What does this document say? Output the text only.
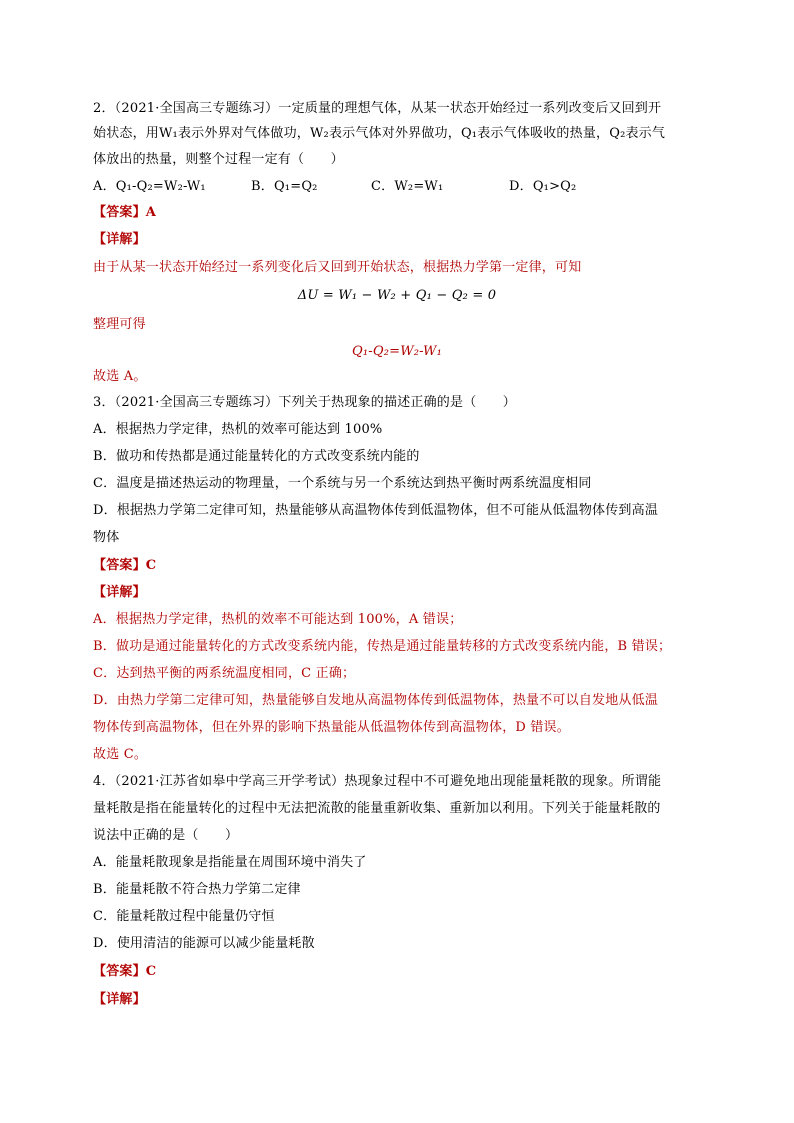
2．（2021·全国高三专题练习）一定质量的理想气体，从某一状态开始经过一系列改变后又回到开
始状态，用W₁表示外界对气体做功，W₂表示气体对外界做功，Q₁表示气体吸收的热量，Q₂表示气
体放出的热量，则整个过程一定有（　　）
A．Q₁-Q₂=W₂-W₁	B．Q₁=Q₂	C．W₂=W₁	D．Q₁>Q₂
【答案】A
【详解】
由于从某一状态开始经过一系列变化后又回到开始状态，根据热力学第一定律，可知
ΔU = W₁ − W₂ + Q₁ − Q₂ = 0
整理可得
Q₁-Q₂=W₂-W₁
故选 A。
3．（2021·全国高三专题练习）下列关于热现象的描述正确的是（　　）
A．根据热力学定律，热机的效率可能达到 100%
B．做功和传热都是通过能量转化的方式改变系统内能的
C．温度是描述热运动的物理量，一个系统与另一个系统达到热平衡时两系统温度相同
D．根据热力学第二定律可知，热量能够从高温物体传到低温物体，但不可能从低温物体传到高温
物体
【答案】C
【详解】
A．根据热力学定律，热机的效率不可能达到 100%，A 错误；
B．做功是通过能量转化的方式改变系统内能，传热是通过能量转移的方式改变系统内能，B 错误；
C．达到热平衡的两系统温度相同，C 正确；
D．由热力学第二定律可知，热量能够自发地从高温物体传到低温物体，热量不可以自发地从低温
物体传到高温物体，但在外界的影响下热量能从低温物体传到高温物体，D 错误。
故选 C。
4．（2021·江苏省如皋中学高三开学考试）热现象过程中不可避免地出现能量耗散的现象。所谓能
量耗散是指在能量转化的过程中无法把流散的能量重新收集、重新加以利用。下列关于能量耗散的
说法中正确的是（　　）
A．能量耗散现象是指能量在周围环境中消失了
B．能量耗散不符合热力学第二定律
C．能量耗散过程中能量仍守恒
D．使用清洁的能源可以减少能量耗散
【答案】C
【详解】
